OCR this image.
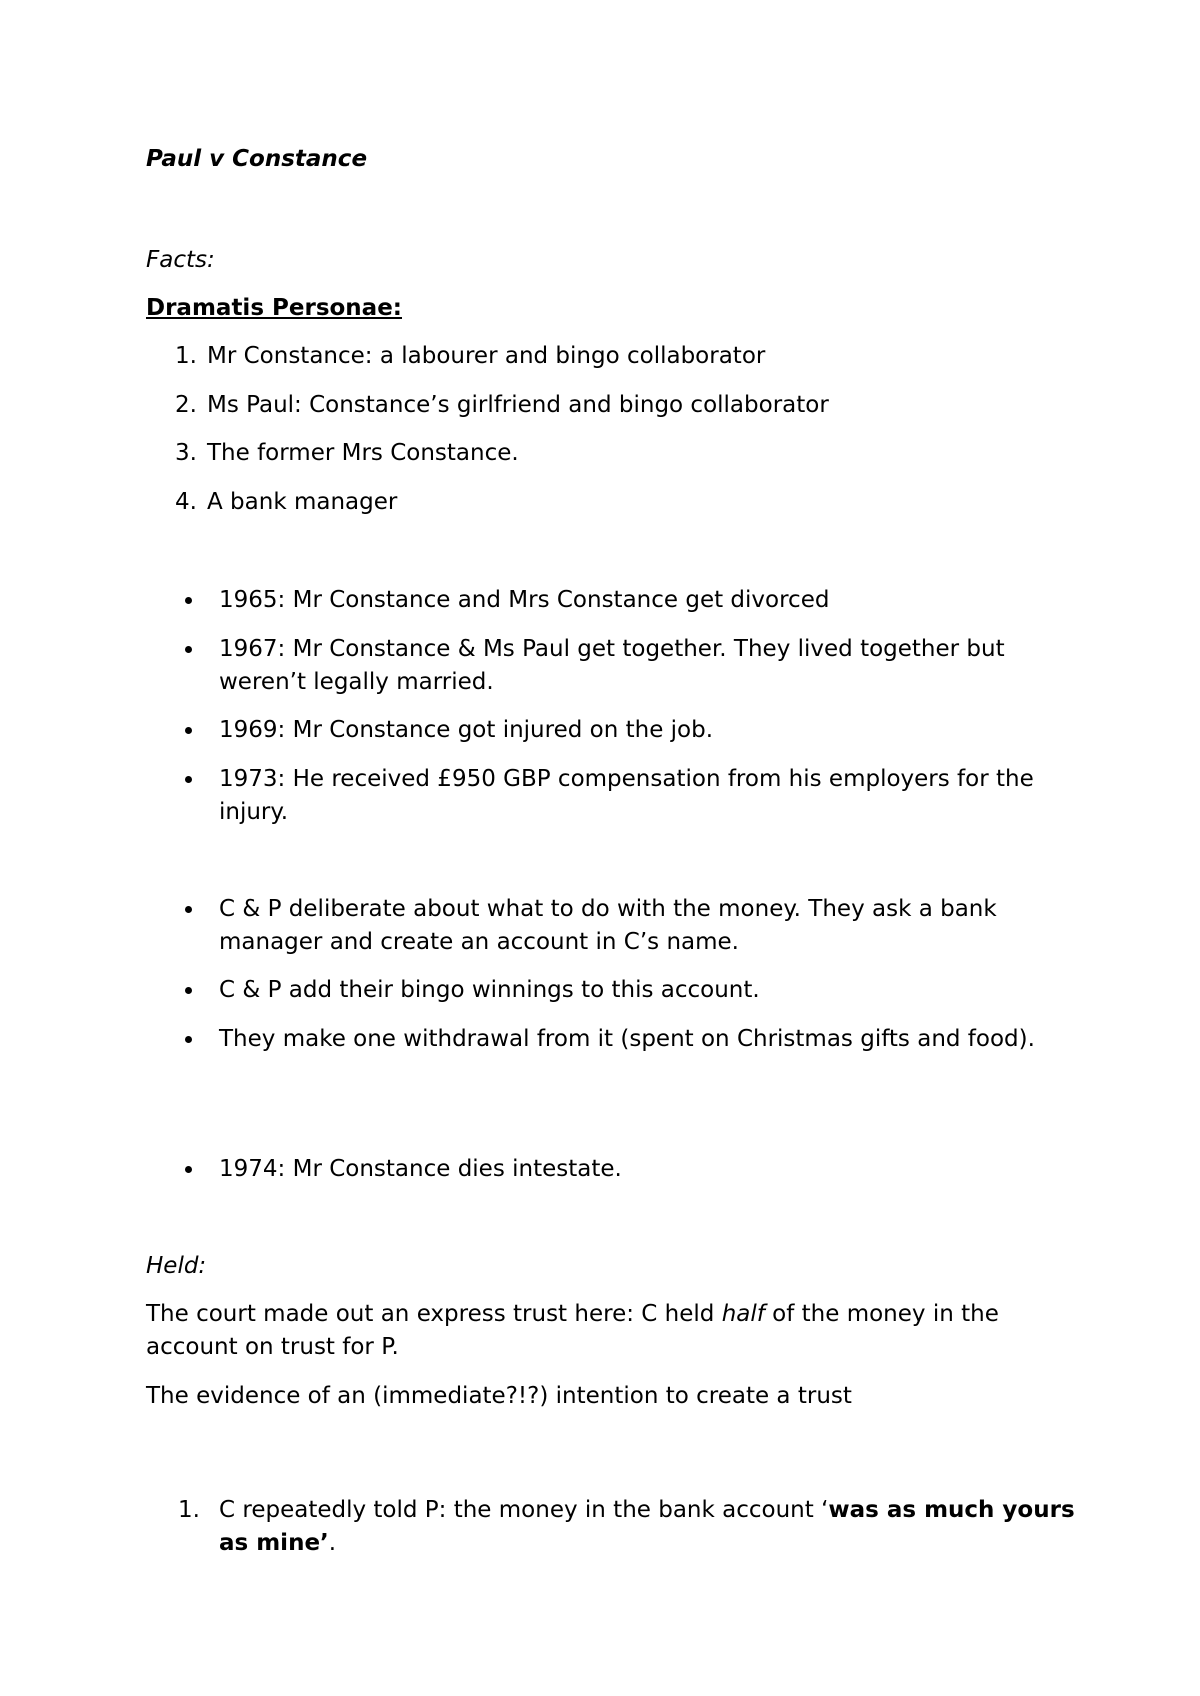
Paul v Constance
Facts:
Dramatis Personae:
1. Mr Constance: a labourer and bingo collaborator
2. Ms Paul: Constance’s girlfriend and bingo collaborator
3. The former Mrs Constance.
4. A bank manager
1965: Mr Constance and Mrs Constance get divorced
1967: Mr Constance & Ms Paul get together. They lived together but weren’t legally married.
1969: Mr Constance got injured on the job.
1973: He received £950 GBP compensation from his employers for the injury.
C & P deliberate about what to do with the money. They ask a bank manager and create an account in C’s name.
C & P add their bingo winnings to this account.
They make one withdrawal from it (spent on Christmas gifts and food).
1974: Mr Constance dies intestate.
Held:
The court made out an express trust here: C held half of the money in the account on trust for P.
The evidence of an (immediate?!?) intention to create a trust
1. C repeatedly told P: the money in the bank account ‘was as much yours as mine’.
